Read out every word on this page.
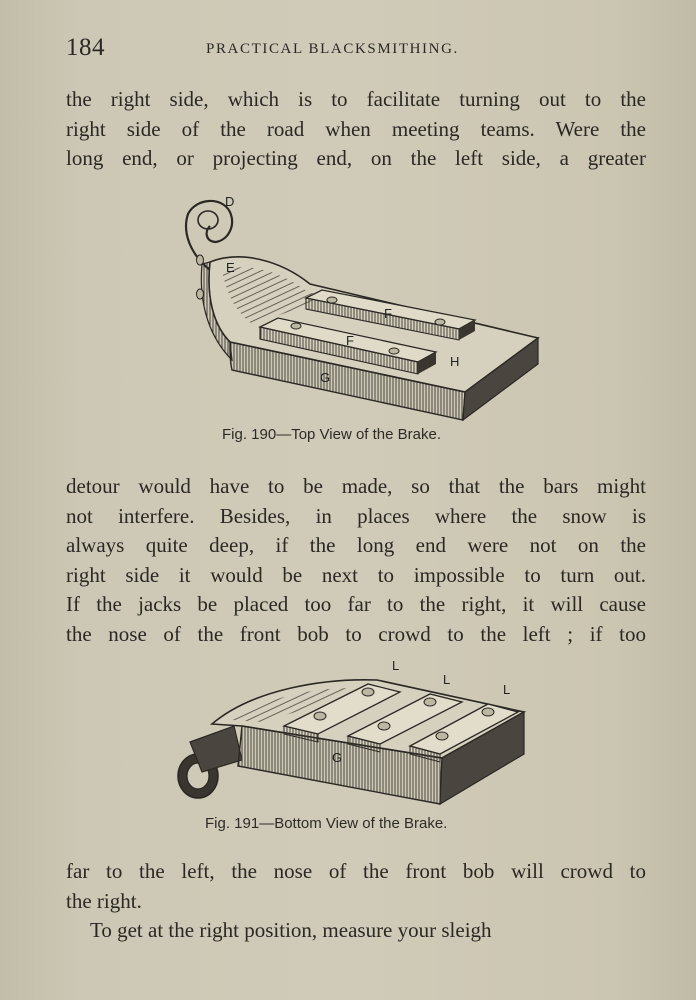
184	PRACTICAL BLACKSMITHING.

the right side, which is to facilitate turning out to the

right side of the road when meeting teams. Were the

long end, or projecting end, on the left side, a greater

D
E
F
F
G
H
Fig. 190—Top View of the Brake.

detour would have to be made, so that the bars might

not interfere. Besides, in places where the snow is

always quite deep, if the long end were not on the

right side it would be next to impossible to turn out.

If the jacks be placed too far to the right, it will cause

the nose of the front bob to crowd to the left ; if too

L
L
L
G
Fig. 191—Bottom View of the Brake.

far to the left, the nose of the front bob will crowd to

the right.

To get at the right position, measure your sleigh
